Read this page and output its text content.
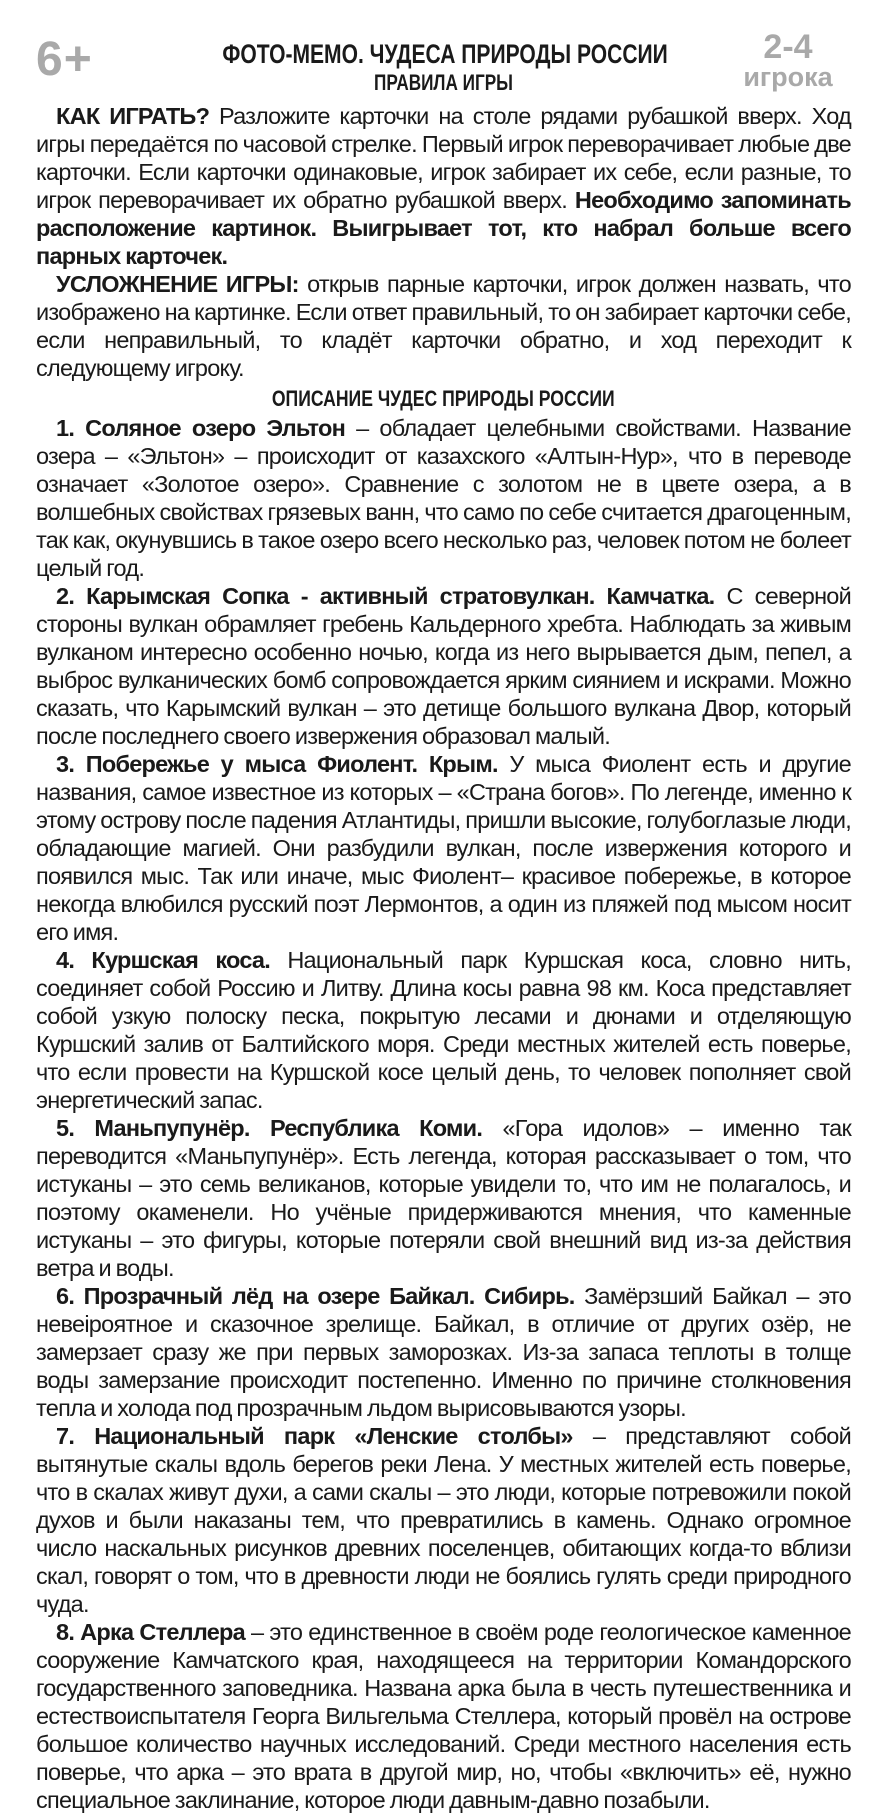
6+	ФОТО-МЕМО. ЧУДЕСА ПРИРОДЫ РОССИИ
ПРАВИЛА ИГРЫ
2-4
игрока

КАК ИГРАТЬ? Разложите карточки на столе рядами рубашкой вверх. Ход игры передаётся по часовой стрелке. Первый игрок переворачивает любые две карточки. Если карточки одинаковые, игрок забирает их себе, если разные, то игрок переворачивает их обратно рубашкой вверх. Необходимо запоминать расположение картинок. Выигрывает тот, кто набрал больше всего парных карточек.

УСЛОЖНЕНИЕ ИГРЫ: открыв парные карточки, игрок должен назвать, что изображено на картинке. Если ответ правильный, то он забирает карточки себе, если неправильный, то кладёт карточки обратно, и ход переходит к следующему игроку.

ОПИСАНИЕ ЧУДЕС ПРИРОДЫ РОССИИ

1. Соляное озеро Эльтон – обладает целебными свойствами. Название озера – «Эльтон» – происходит от казахского «Алтын-Нур», что в переводе означает «Золотое озеро». Сравнение с золотом не в цвете озера, а в волшебных свойствах грязевых ванн, что само по себе считается драгоценным, так как, окунувшись в такое озеро всего несколько раз, человек потом не болеет целый год.

2. Карымская Сопка - активный стратовулкан. Камчатка. С северной стороны вулкан обрамляет гребень Кальдерного хребта. Наблюдать за живым вулканом интересно особенно ночью, когда из него вырывается дым, пепел, а выброс вулканических бомб сопровождается ярким сиянием и искрами. Можно сказать, что Карымский вулкан – это детище большого вулкана Двор, который после последнего своего извержения образовал малый.

3. Побережье у мыса Фиолент. Крым. У мыса Фиолент есть и другие названия, самое известное из которых – «Страна богов». По легенде, именно к этому острову после падения Атлантиды, пришли высокие, голубоглазые люди, обладающие магией. Они разбудили вулкан, после извержения которого и появился мыс. Так или иначе, мыс Фиолент– красивое побережье, в которое некогда влюбился русский поэт Лермонтов, а один из пляжей под мысом носит его имя.

4. Куршская коса. Национальный парк Куршская коса, словно нить, соединяет собой Россию и Литву. Длина косы равна 98 км. Коса представляет собой узкую полоску песка, покрытую лесами и дюнами и отделяющую Куршский залив от Балтийского моря. Среди местных жителей есть поверье, что если провести на Куршской косе целый день, то человек пополняет свой энергетический запас.

5. Маньпупунёр. Республика Коми. «Гора идолов» – именно так переводится «Маньпупунёр». Есть легенда, которая рассказывает о том, что истуканы – это семь великанов, которые увидели то, что им не полагалось, и поэтому окаменели. Но учёные придерживаются мнения, что каменные истуканы – это фигуры, которые потеряли свой внешний вид из-за действия ветра и воды.

6. Прозрачный лёд на озере Байкал. Сибирь. Замёрзший Байкал – это невеiроятное и сказочное зрелище. Байкал, в отличие от других озёр, не замерзает сразу же при первых заморозках. Из-за запаса теплоты в толще воды замерзание происходит постепенно. Именно по причине столкновения тепла и холода под прозрачным льдом вырисовываются узоры.

7. Национальный парк «Ленские столбы» – представляют собой вытянутые скалы вдоль берегов реки Лена. У местных жителей есть поверье, что в скалах живут духи, а сами скалы – это люди, которые потревожили покой духов и были наказаны тем, что превратились в камень. Однако огромное число наскальных рисунков древних поселенцев, обитающих когда-то вблизи скал, говорят о том, что в древности люди не боялись гулять среди природного чуда.

8. Арка Стеллера – это единственное в своём роде геологическое каменное сооружение Камчатского края, находящееся на территории Командорского государственного заповедника. Названа арка была в честь путешественника и естествоиспытателя Георга Вильгельма Стеллера, который провёл на острове большое количество научных исследований. Среди местного населения есть поверье, что арка – это врата в другой мир, но, чтобы «включить» её, нужно специальное заклинание, которое люди давным-давно позабыли.
